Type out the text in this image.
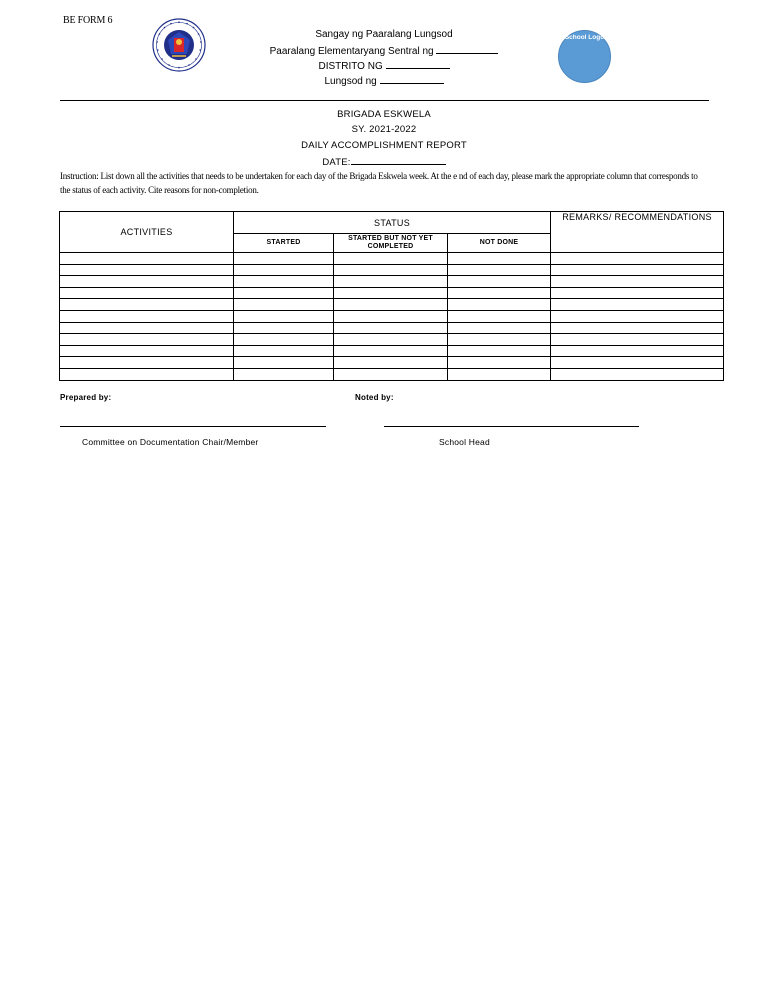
BE FORM 6
Sangay ng Paaralang Lungsod
Paaralang Elementaryang Sentral ng
DISTRITO NG
Lungsod ng
School Logo
BRIGADA ESKWELA
SY. 2021-2022
DAILY ACCOMPLISHMENT REPORT
DATE:
Instruction: List down all the activities that needs to be undertaken for each day of the Brigada Eskwela week. At the e nd of each day, please mark the appropriate column that corresponds to the status of each activity. Cite reasons for non-completion.
ACTIVITIES	STATUS			REMARKS/ RECOMMENDATIONS
	STARTED	STARTED BUT NOT YET COMPLETED	NOT DONE	

Prepared by:	Noted by:
Committee on Documentation Chair/Member	School Head
